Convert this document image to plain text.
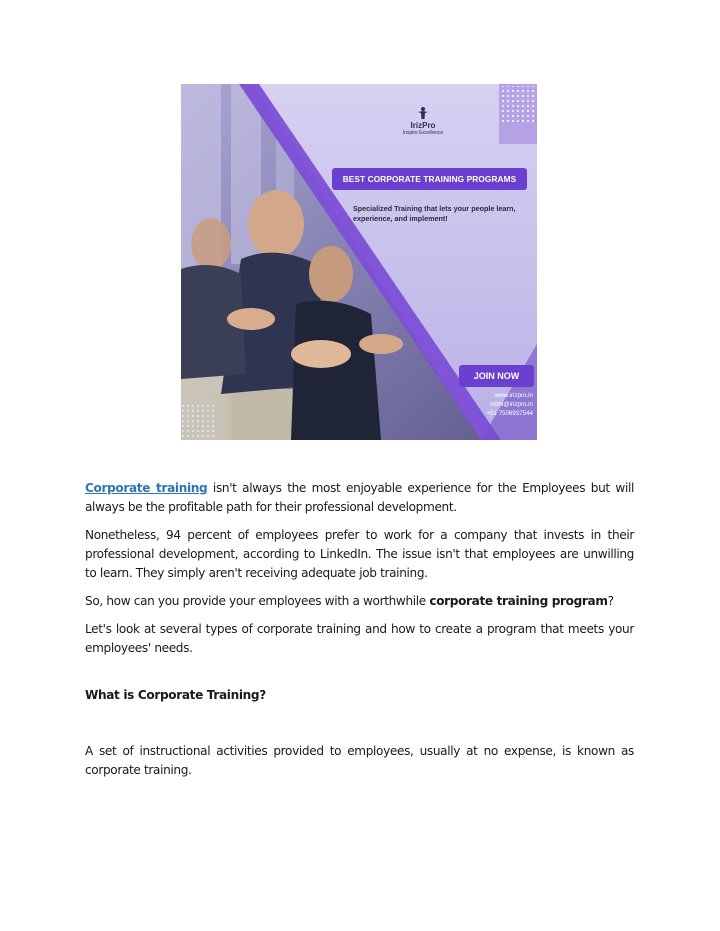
IrizPro
Inspire Excellence
BEST CORPORATE TRAINING PROGRAMS
Specialized Training that lets your people learn, experience, and implement!
JOIN NOW
www.irizpro.in
nidhi@irizpro.in
+91 7506937544

Corporate training isn't always the most enjoyable experience for the Employees but will always be the profitable path for their professional development.

Nonetheless, 94 percent of employees prefer to work for a company that invests in their professional development, according to LinkedIn. The issue isn't that employees are unwilling to learn. They simply aren't receiving adequate job training.

So, how can you provide your employees with a worthwhile corporate training program?

Let's look at several types of corporate training and how to create a program that meets your employees' needs.

What is Corporate Training?

A set of instructional activities provided to employees, usually at no expense, is known as corporate training.
